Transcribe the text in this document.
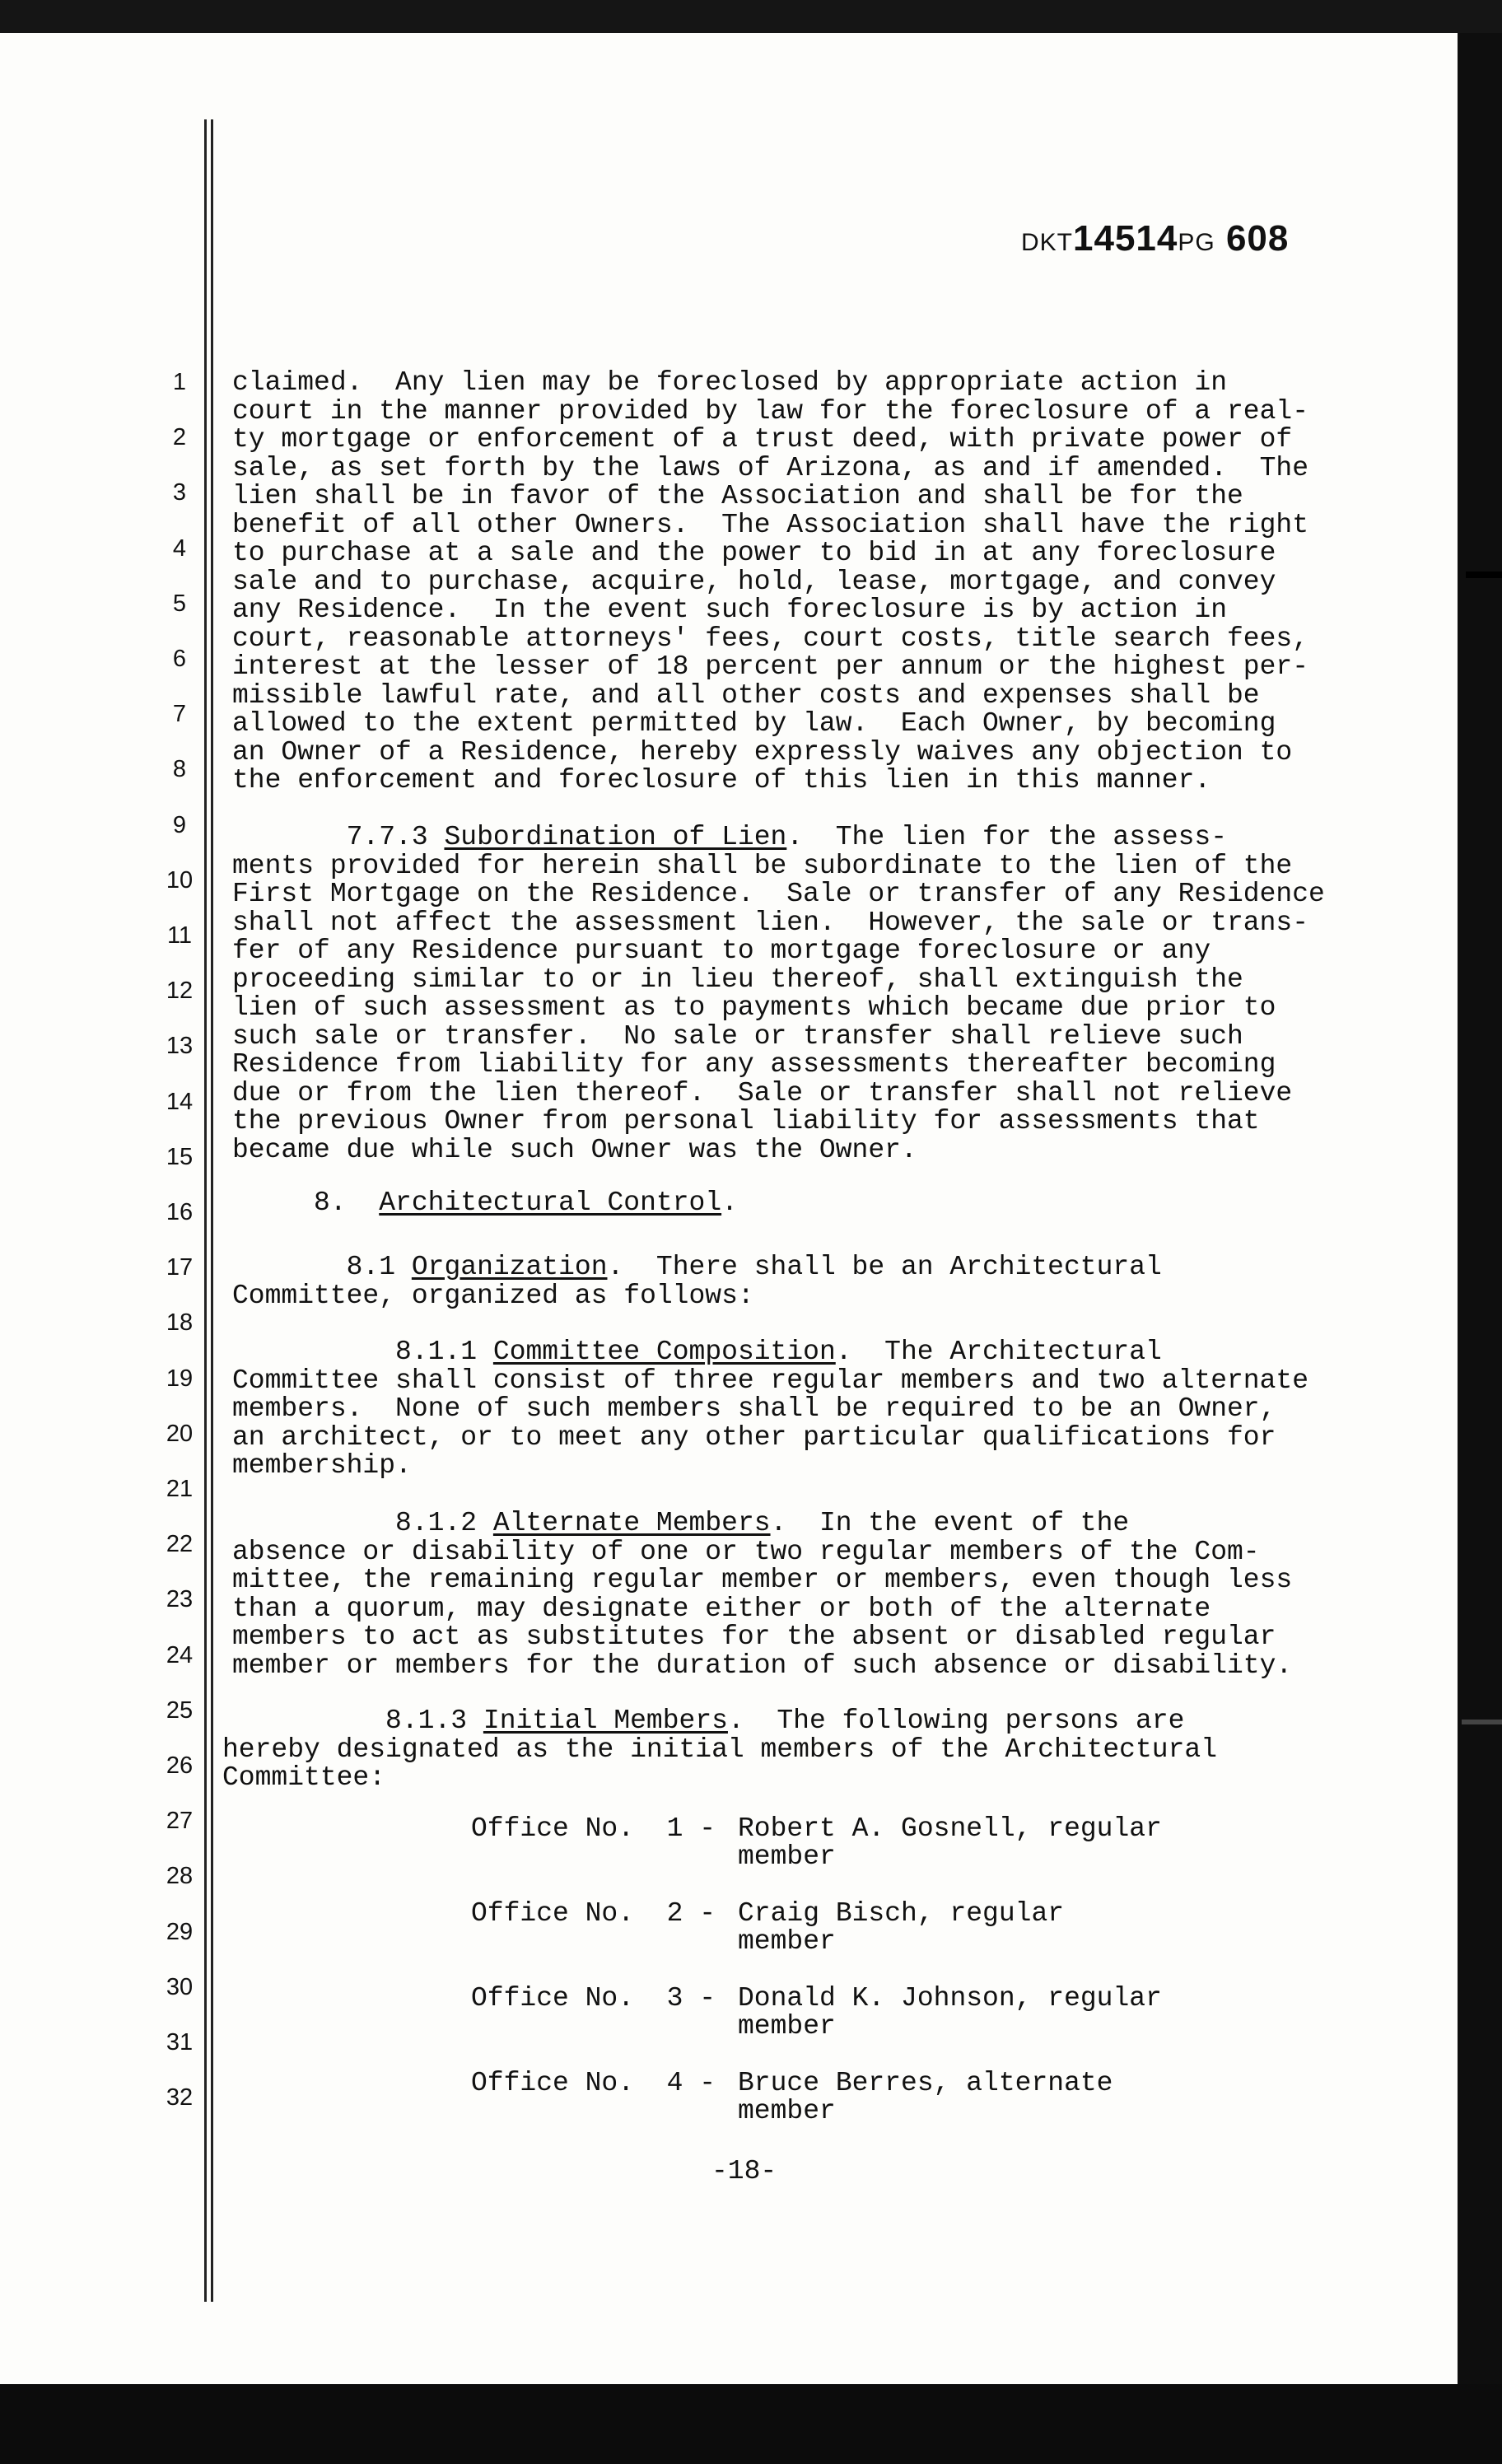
DKT14514PG 608
1
2
3
4
5
6
7
8
9
10
11
12
13
14
15
16
17
18
19
20
21
22
23
24
25
26
27
28
29
30
31
32
claimed.  Any lien may be foreclosed by appropriate action in
court in the manner provided by law for the foreclosure of a real-
ty mortgage or enforcement of a trust deed, with private power of
sale, as set forth by the laws of Arizona, as and if amended.  The
lien shall be in favor of the Association and shall be for the
benefit of all other Owners.  The Association shall have the right
to purchase at a sale and the power to bid in at any foreclosure
sale and to purchase, acquire, hold, lease, mortgage, and convey
any Residence.  In the event such foreclosure is by action in
court, reasonable attorneys' fees, court costs, title search fees,
interest at the lesser of 18 percent per annum or the highest per-
missible lawful rate, and all other costs and expenses shall be
allowed to the extent permitted by law.  Each Owner, by becoming
an Owner of a Residence, hereby expressly waives any objection to
the enforcement and foreclosure of this lien in this manner.
7.7.3 Subordination of Lien.  The lien for the assess-
ments provided for herein shall be subordinate to the lien of the
First Mortgage on the Residence.  Sale or transfer of any Residence
shall not affect the assessment lien.  However, the sale or trans-
fer of any Residence pursuant to mortgage foreclosure or any
proceeding similar to or in lieu thereof, shall extinguish the
lien of such assessment as to payments which became due prior to
such sale or transfer.  No sale or transfer shall relieve such
Residence from liability for any assessments thereafter becoming
due or from the lien thereof.  Sale or transfer shall not relieve
the previous Owner from personal liability for assessments that
became due while such Owner was the Owner.
8. Architectural Control.
8.1 Organization.  There shall be an Architectural
Committee, organized as follows:
8.1.1 Committee Composition.  The Architectural
Committee shall consist of three regular members and two alternate
members.  None of such members shall be required to be an Owner,
an architect, or to meet any other particular qualifications for
membership.
8.1.2 Alternate Members.  In the event of the
absence or disability of one or two regular members of the Com-
mittee, the remaining regular member or members, even though less
than a quorum, may designate either or both of the alternate
members to act as substitutes for the absent or disabled regular
member or members for the duration of such absence or disability.
8.1.3 Initial Members.  The following persons are
hereby designated as the initial members of the Architectural
Committee:
Office No.  1 - Robert A. Gosnell, regular
member
Office No.  2 - Craig Bisch, regular
member
Office No.  3 - Donald K. Johnson, regular
member
Office No.  4 - Bruce Berres, alternate
member
-18-
